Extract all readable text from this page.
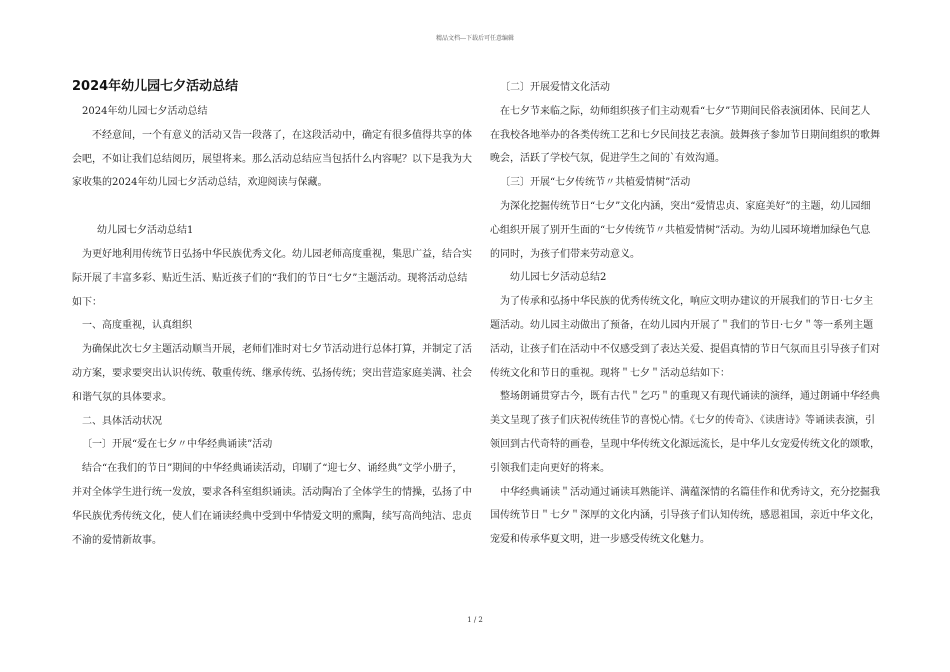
精品文档---下载后可任意编辑
2024年幼儿园七夕活动总结

2024年幼儿园七夕活动总结

不经意间，一个有意义的活动又告一段落了，在这段活动中，确定有很多值得共享的体会吧，不如让我们总结阅历，展望将来。那么活动总结应当包括什么内容呢？以下是我为大家收集的2024年幼儿园七夕活动总结，欢迎阅读与保藏。

幼儿园七夕活动总结1

为更好地利用传统节日弘扬中华民族优秀文化。幼儿园老师高度重视，集思广益，结合实际开展了丰富多彩、贴近生活、贴近孩子们的“我们的节日“七夕”主题活动。现将活动总结如下：

一、高度重视，认真组织

为确保此次七夕主题活动顺当开展，老师们准时对七夕节活动进行总体打算，并制定了活动方案，要求要突出认识传统、敬重传统、继承传统、弘扬传统；突出营造家庭美满、社会和谐气氛的具体要求。

二、具体活动状况

〔一〕开展“爱在七夕〃中华经典诵读”活动

结合“在我们的节日”期间的中华经典诵读活动，印刷了“迎七夕、诵经典”文学小册子，并对全体学生进行统一发放，要求各科室组织诵读。活动陶冶了全体学生的情操，弘扬了中华民族优秀传统文化，使人们在诵读经典中受到中华情爱文明的熏陶，续写高尚纯洁、忠贞不渝的爱情新故事。

〔二〕开展爱情文化活动

在七夕节来临之际，幼师组织孩子们主动观看“七夕”节期间民俗表演团体、民间艺人在我校各地举办的各类传统工艺和七夕民间技艺表演。鼓舞孩子参加节日期间组织的歌舞晚会，活跃了学校气氛，促进学生之间的`有效沟通。

〔三〕开展“七夕传统节〃共植爱情树”活动

为深化挖掘传统节日“七夕”文化内涵，突出“爱情忠贞、家庭美好”的主题，幼儿园细心组织开展了别开生面的“七夕传统节〃共植爱情树”活动。为幼儿园环境增加绿色气息的同时，为孩子们带来劳动意义。

幼儿园七夕活动总结2

为了传承和弘扬中华民族的优秀传统文化，响应文明办建议的开展我们的节日·七夕主题活动。幼儿园主动做出了预备，在幼儿园内开展了＂我们的节日·七夕＂等一系列主题活动，让孩子们在活动中不仅感受到了表达关爱、提倡真情的节日气氛而且引导孩子们对传统文化和节日的重视。现将＂七夕＂活动总结如下：

整场朗诵贯穿古今，既有古代＂乞巧＂的重现又有现代诵读的演绎，通过朗诵中华经典美文呈现了孩子们庆祝传统佳节的喜悦心情。《七夕的传奇》、《读唐诗》等诵读表演，引领回到古代奇特的画卷，呈现中华传统文化源远流长，是中华儿女宠爱传统文化的颂歌，引领我们走向更好的将来。

中华经典诵读＂活动通过诵读耳熟能详、满蕴深情的名篇佳作和优秀诗文，充分挖掘我国传统节日＂七夕＂深厚的文化内涵，引导孩子们认知传统，感恩祖国，亲近中华文化，宠爱和传承华夏文明，进一步感受传统文化魅力。

1 / 2
